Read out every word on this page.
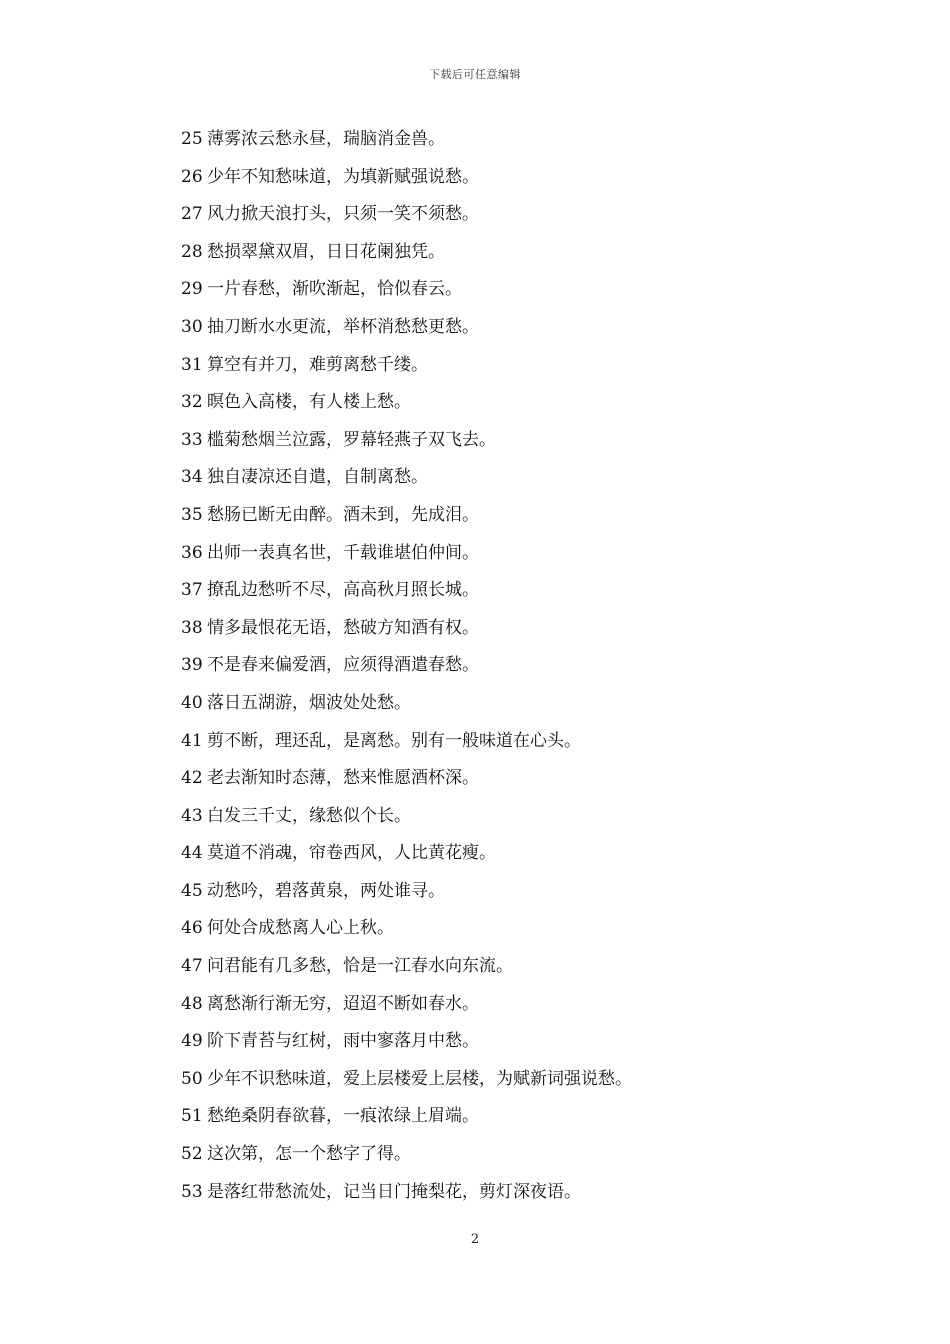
下载后可任意编辑
25 薄雾浓云愁永昼，瑞脑消金兽。
26 少年不知愁味道，为填新赋强说愁。
27 风力掀天浪打头，只须一笑不须愁。
28 愁损翠黛双眉，日日花阑独凭。
29 一片春愁，渐吹渐起，恰似春云。
30 抽刀断水水更流，举杯消愁愁更愁。
31 算空有并刀，难剪离愁千缕。
32 暝色入高楼，有人楼上愁。
33 槛菊愁烟兰泣露，罗幕轻燕子双飞去。
34 独自凄凉还自遣，自制离愁。
35 愁肠已断无由醉。酒未到，先成泪。
36 出师一表真名世，千载谁堪伯仲间。
37 撩乱边愁听不尽，高高秋月照长城。
38 情多最恨花无语，愁破方知酒有权。
39 不是春来偏爱酒，应须得酒遣春愁。
40 落日五湖游，烟波处处愁。
41 剪不断，理还乱，是离愁。别有一般味道在心头。
42 老去渐知时态薄，愁来惟愿酒杯深。
43 白发三千丈，缘愁似个长。
44 莫道不消魂，帘卷西风，人比黄花瘦。
45 动愁吟，碧落黄泉，两处谁寻。
46 何处合成愁离人心上秋。
47 问君能有几多愁，恰是一江春水向东流。
48 离愁渐行渐无穷，迢迢不断如春水。
49 阶下青苔与红树，雨中寥落月中愁。
50 少年不识愁味道，爱上层楼爱上层楼，为赋新词强说愁。
51 愁绝桑阴春欲暮，一痕浓绿上眉端。
52 这次第，怎一个愁字了得。
53 是落红带愁流处，记当日门掩梨花，剪灯深夜语。
2
